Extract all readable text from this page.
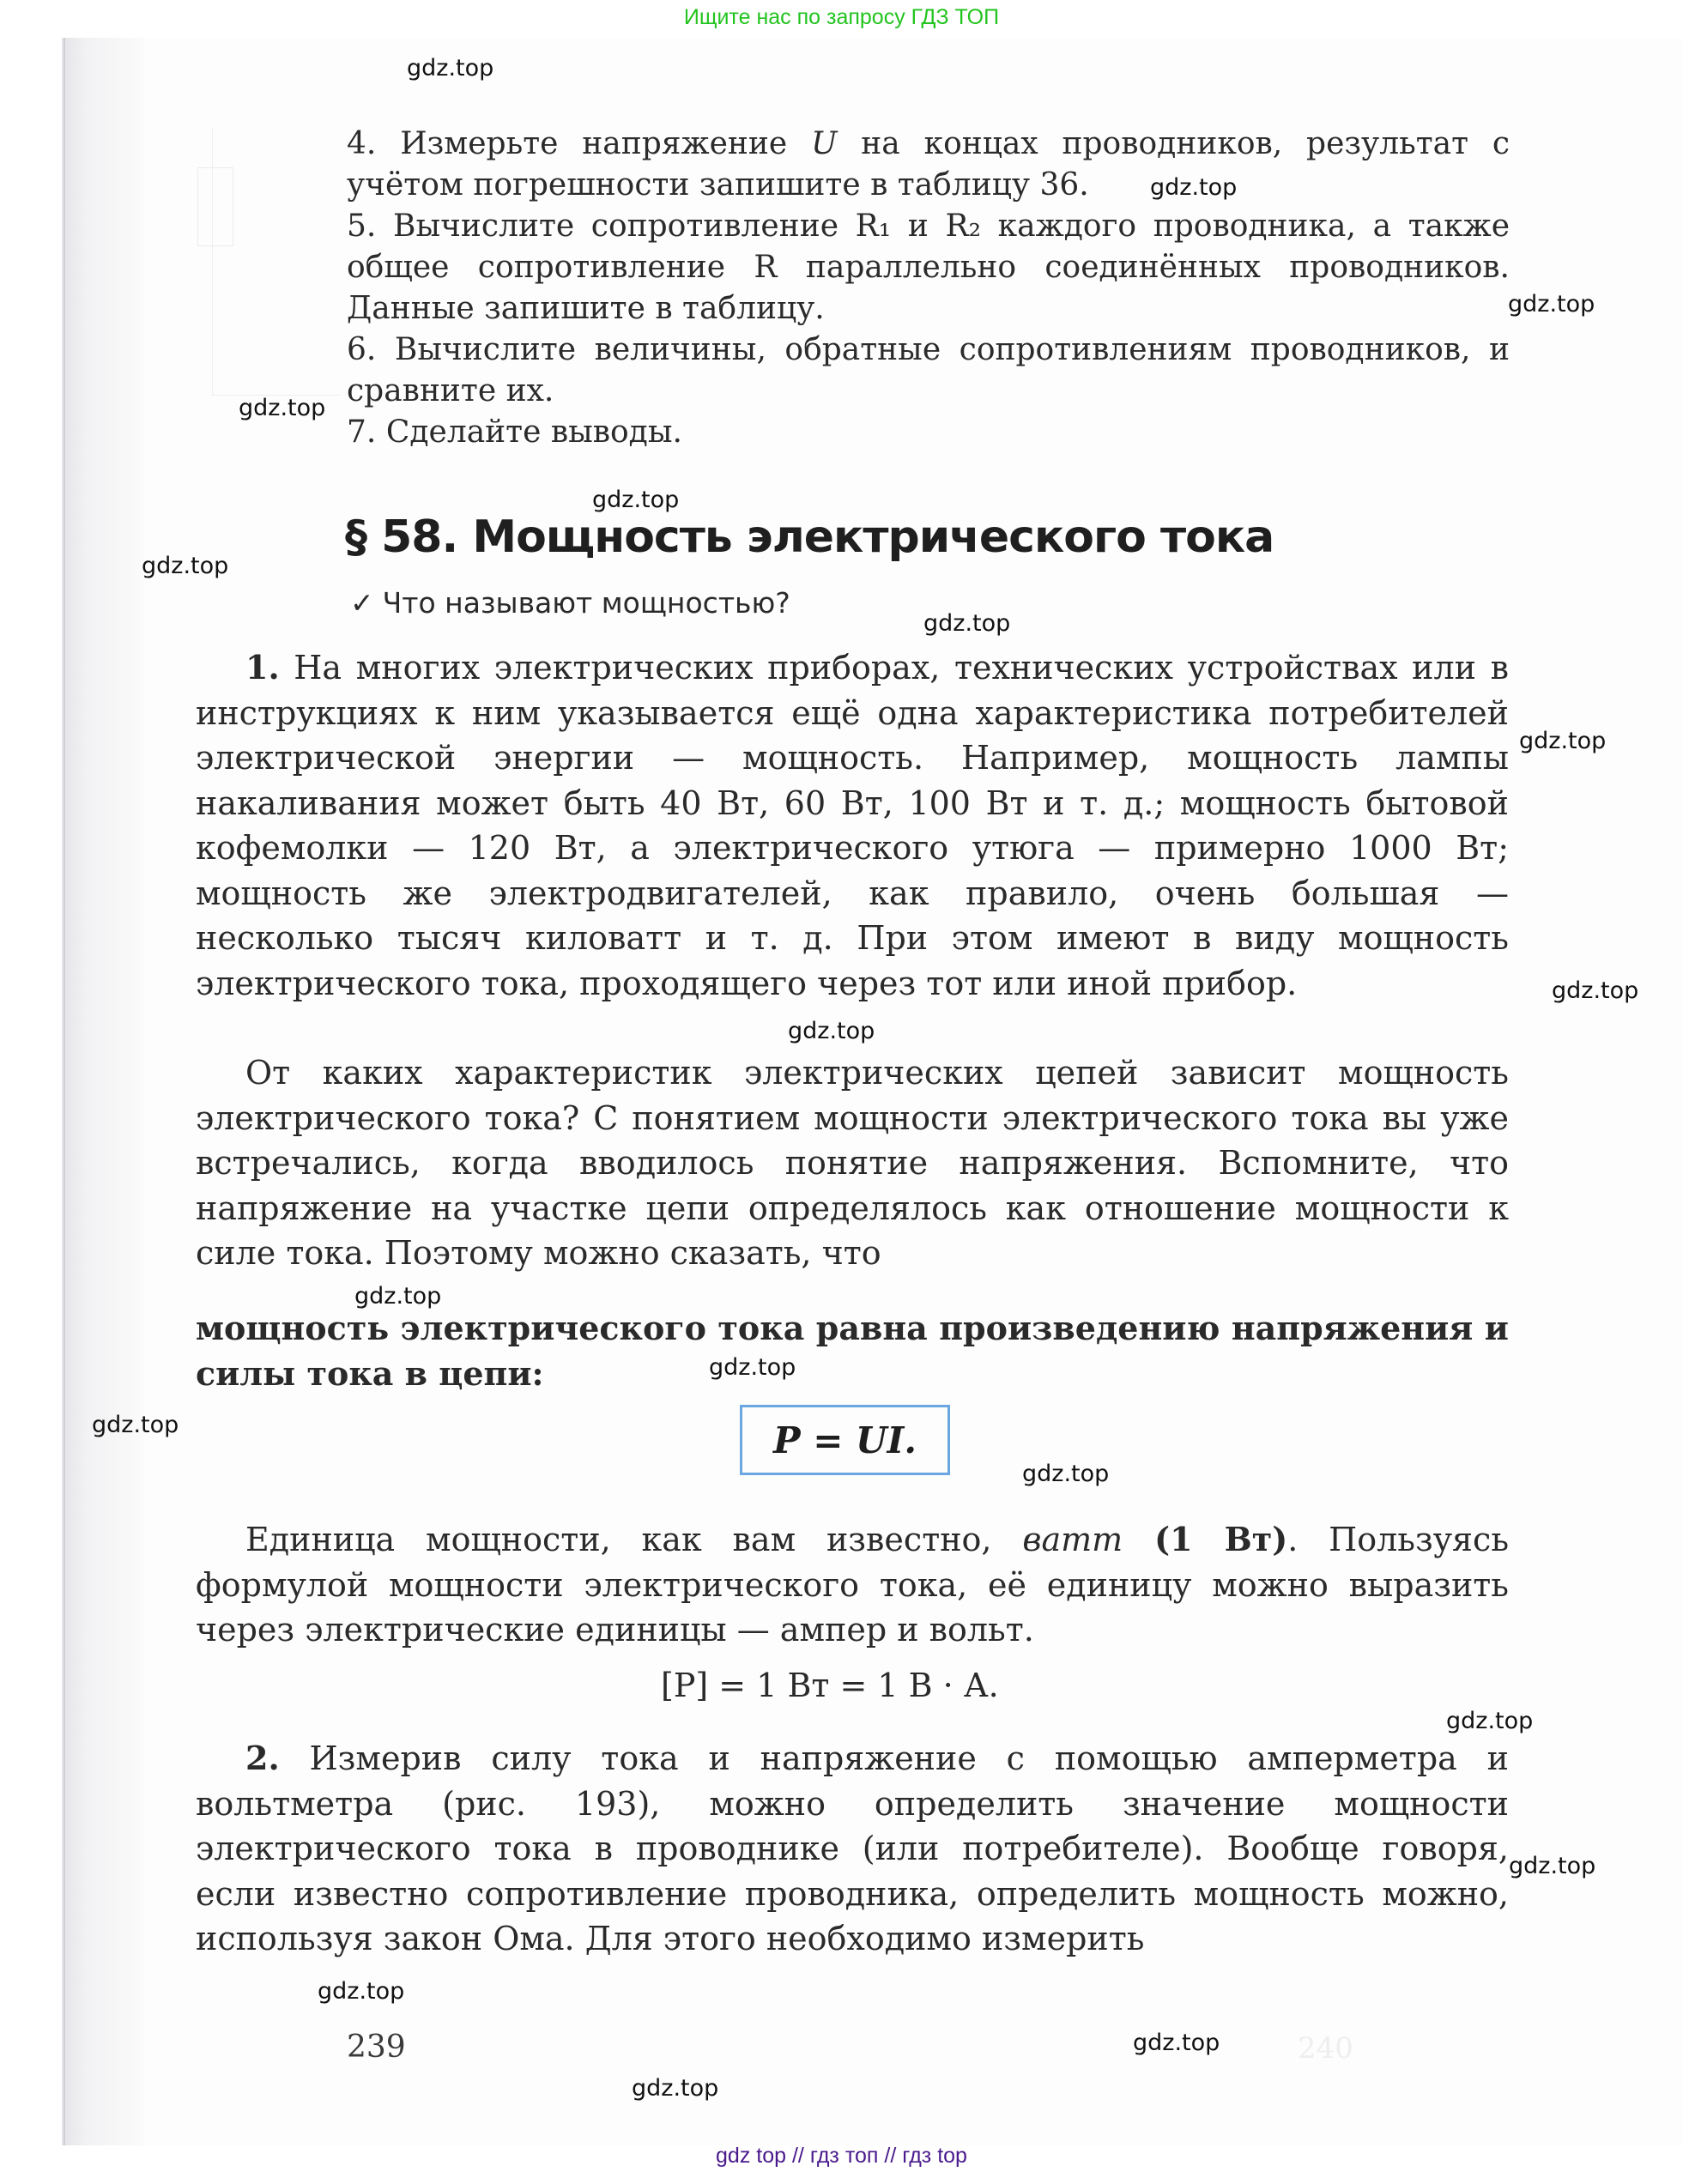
Ищите нас по запросу ГДЗ ТОП

4. Измерьте напряжение U на концах проводников, результат с учётом погрешности запишите в таблицу 36.

5. Вычислите сопротивление R₁ и R₂ каждого проводника, а также общее сопротивление R параллельно соединённых проводников. Данные запишите в таблицу.

6. Вычислите величины, обратные сопротивлениям проводников, и сравните их.

7. Сделайте выводы.

§ 58. Мощность электрического тока
✓ Что называют мощностью?

1. На многих электрических приборах, технических устройствах или в инструкциях к ним указывается ещё одна характеристика потребителей электрической энергии — мощность. Например, мощность лампы накаливания может быть 40 Вт, 60 Вт, 100 Вт и т. д.; мощность бытовой кофемолки — 120 Вт, а электрического утюга — примерно 1000 Вт; мощность же электродвигателей, как правило, очень большая — несколько тысяч киловатт и т. д. При этом имеют в виду мощность электрического тока, проходящего через тот или иной прибор.

От каких характеристик электрических цепей зависит мощность электрического тока? С понятием мощности электрического тока вы уже встречались, когда вводилось понятие напряжения. Вспомните, что напряжение на участке цепи определялось как отношение мощности к силе тока. Поэтому можно сказать, что

мощность электрического тока равна произведению напряжения и силы тока в цепи:

P = UI.

Единица мощности, как вам известно, ватт (1 Вт). Пользуясь формулой мощности электрического тока, её единицу можно выразить через электрические единицы — ампер и вольт.

[P] = 1 Вт = 1 В · А.

2. Измерив силу тока и напряжение с помощью амперметра и вольтметра (рис. 193), можно определить значение мощности электрического тока в проводнике (или потребителе). Вообще говоря, если известно сопротивление проводника, определить мощность можно, используя закон Ома. Для этого необходимо измерить

239	240
gdz.top
gdz.top
gdz.top
gdz.top
gdz.top
gdz.top
gdz.top
gdz.top
gdz.top
gdz.top
gdz.top
gdz.top
gdz.top
gdz.top
gdz.top
gdz.top
gdz.top
gdz.top
gdz.top
gdz top // гдз топ // гдз top
